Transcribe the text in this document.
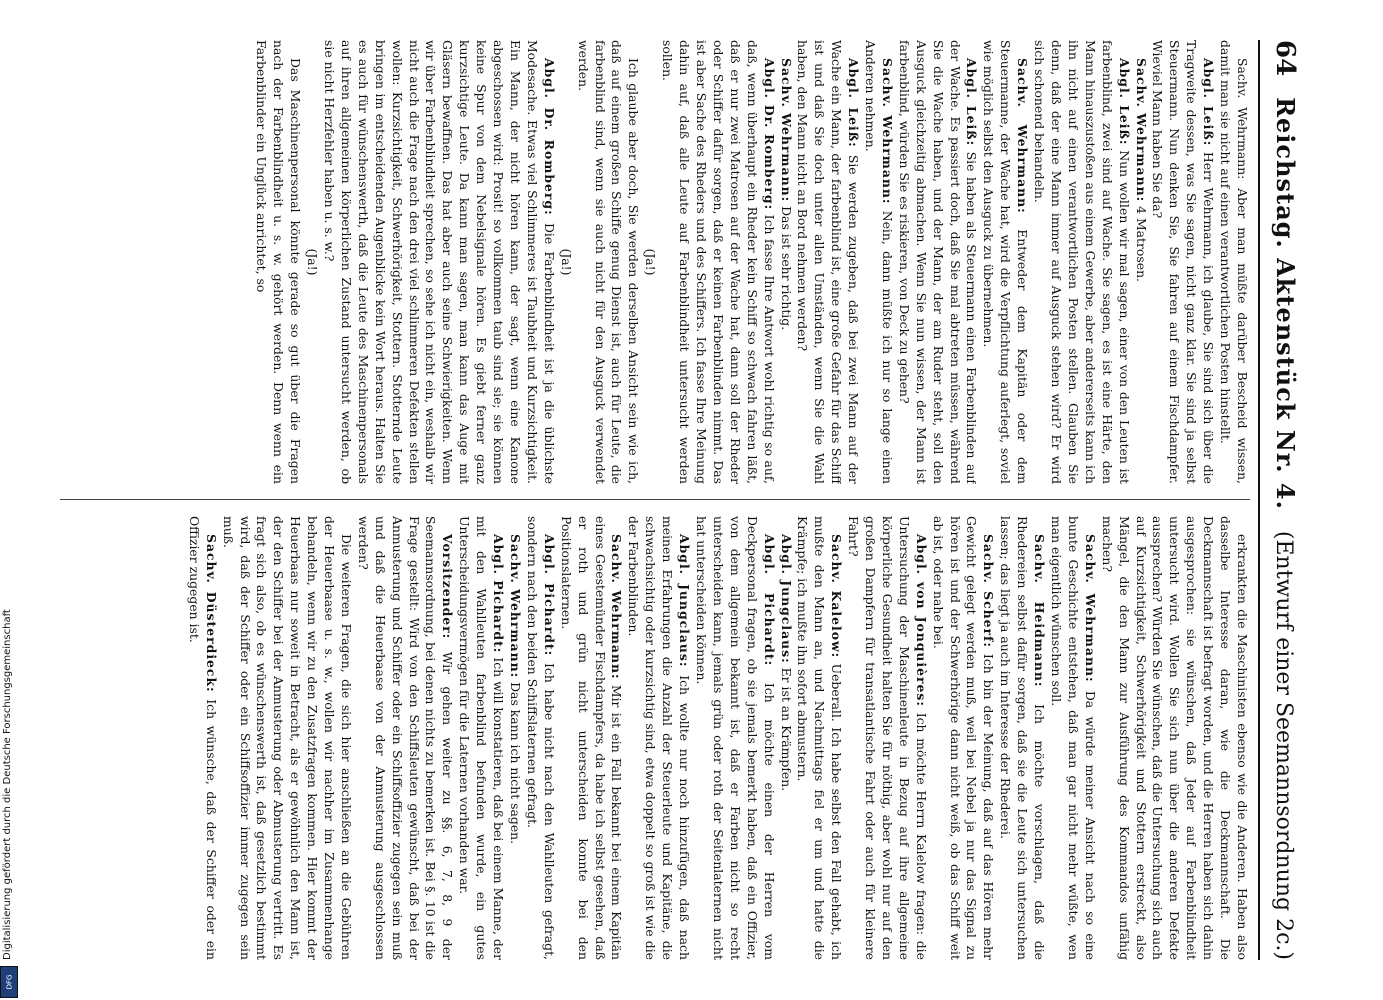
64
Reichstag. Aktenstück Nr. 4.
(Entwurf einer Seemannsordnung 2c.)

Sachv. Wehrmann: Aber man müßte darüber Bescheid wissen, damit man sie nicht auf einen verantwortlichen Posten hinstellt.

Abgl. Leiß: Herr Wehrmann, ich glaube, Sie sind sich über die Tragweite dessen, was Sie sagen, nicht ganz klar. Sie sind ja selbst Steuermann. Nun denken Sie, Sie fahren auf einem Fischdampfer. Wieviel Mann haben Sie da?

Sachv. Wehrmann: 4 Matrosen.

Abgl. Leiß: Nun wollen wir mal sagen, einer von den Leuten ist farbenblind, zwei sind auf Wache. Sie sagen, es ist eine Härte, den Mann hinauszustoßen aus einem Gewerbe, aber andererseits kann ich ihn nicht auf einen verantwortlichen Posten stellen. Glauben Sie denn, daß der eine Mann immer auf Ausguck stehen wird? Er wird sich schonend behandeln.

Sachv. Wehrmann: Entweder dem Kapitän oder dem Steuermanne, der Wache hat, wird die Verpflichtung auferlegt, soviel wie möglich selbst den Ausguck zu übernehmen.

Abgl. Leiß: Sie haben als Steuermann einen Farbenblinden auf der Wache. Es passiert doch, daß Sie mal abtreten müssen, während Sie die Wache haben, und der Mann, der am Ruder steht, soll den Ausguck gleichzeitig abmachen. Wenn Sie nun wissen, der Mann ist farbenblind, würden Sie es riskieren, von Deck zu gehen?

Sachv. Wehrmann: Nein, dann müßte ich nur so lange einen Anderen nehmen.

Abgl. Leiß: Sie werden zugeben, daß bei zwei Mann auf der Wache ein Mann, der farbenblind ist, eine große Gefahr für das Schiff ist und daß Sie doch unter allen Umständen, wenn Sie die Wahl haben, den Mann nicht an Bord nehmen werden?

Sachv. Wehrmann: Das ist sehr richtig.

Abgl. Dr. Romberg: Ich fasse Ihre Antwort wohl richtig so auf, daß, wenn überhaupt ein Rheder kein Schiff so schwach fahren läßt, daß er nur zwei Matrosen auf der Wache hat, dann soll der Rheder oder Schiffer dafür sorgen, daß er keinen Farbenblinden nimmt. Das ist aber Sache des Rheders und des Schiffers. Ich fasse Ihre Meinung dahin auf, daß alle Leute auf Farbenblindheit untersucht werden sollen.

(Ja!)

Ich glaube aber doch, Sie werden derselben Ansicht sein wie ich, daß auf einem großen Schiffe genug Dienst ist, auch für Leute, die farbenblind sind, wenn sie auch nicht für den Ausguck verwendet werden.

(Ja!)

Abgl. Dr. Romberg: Die Farbenblindheit ist ja die üblichste Modesache. Etwas viel Schlimmeres ist Taubheit und Kurzsichtigkeit. Ein Mann, der nicht hören kann, der sagt, wenn eine Kanone abgeschossen wird: Prosit! so vollkommen taub sind sie; sie können keine Spur von dem Nebelsignale hören. Es giebt ferner ganz kurzsichtige Leute. Da kann man sagen, man kann das Auge mit Gläsern bewaffnen. Das hat aber auch seine Schwierigkeiten. Wenn wir über Farbenblindheit sprechen, so sehe ich nicht ein, weshalb wir nicht auch die Frage nach den drei viel schlimmeren Defekten stellen wollen: Kurzsichtigkeit, Schwerhörigkeit, Stottern. Stotternde Leute bringen im entscheidenden Augenblicke kein Wort heraus. Halten Sie es auch für wünschenswerth, daß die Leute des Maschinenpersonals auf ihren allgemeinen körperlichen Zustand untersucht werden, ob sie nicht Herzfehler haben u. s. w.?

(Ja!)

Das Maschinenpersonal könnte gerade so gut über die Fragen nach der Farbenblindheit u. s. w. gehört werden. Denn wenn ein Farbenblinder ein Unglück anrichtet, so

erkrankten die Maschinisten ebenso wie die Anderen. Haben also dasselbe Interesse daran, wie die Deckmannschaft. Die Deckmannschaft ist befragt worden, und die Herren haben sich dahin ausgesprochen: sie wünschen, daß Jeder auf Farbenblindheit untersucht wird. Wollen Sie sich nun über die anderen Defekte aussprechen? Würden Sie wünschen, daß die Untersuchung sich auch auf Kurzsichtigkeit, Schwerhörigkeit und Stottern erstreckt, also Mängel, die den Mann zur Ausführung des Kommandos unfähig machen?

Sachv. Wehrmann: Da würde meiner Ansicht nach so eine bunte Geschichte entstehen, daß man gar nicht mehr wüßte, wen man eigentlich wünschen soll.

Sachv. Heidmann: Ich möchte vorschlagen, daß die Rhedereien selbst dafür sorgen, daß sie die Leute sich untersuchen lassen; das liegt ja auch im Interesse der Rhederei.

Sachv. Scherf: Ich bin der Meinung, daß auf das Hören mehr Gewicht gelegt werden muß, weil bei Nebel ja nur das Signal zu hören ist und der Schwerhörige dann nicht weiß, ob das Schiff weit ab ist, oder nahe bei.

Abgl. von Jonquières: Ich möchte Herrn Kalelow fragen: die Untersuchung der Maschinenleute in Bezug auf ihre allgemeine körperliche Gesundheit halten Sie für nöthig, aber wohl nur auf den großen Dampfern für transatlantische Fahrt oder auch für kleinere Fahrt?

Sachv. Kalelow: Ueberall. Ich habe selbst den Fall gehabt, ich mußte den Mann an, und Nachmittags fiel er um und hatte die Krämpfe; ich mußte ihn sofort abmustern.

Abgl. Jungclaus: Er ist an Krämpfen.

Abgl. Pichardt: Ich möchte einen der Herren vom Deckpersonal fragen, ob sie jemals bemerkt haben, daß ein Offizier, von dem allgemein bekannt ist, daß er Farben nicht so recht unterscheiden kann, jemals grün oder roth der Seitenlaternen nicht hat unterscheiden können.

Abgl. Jungclaus: Ich wollte nur noch hinzufügen, daß nach meinen Erfahrungen die Anzahl der Steuerleute und Kapitäne, die schwachsichtig oder kurzsichtig sind, etwa doppelt so groß ist wie die der Farbenblinden.

Sachv. Wehrmann: Mir ist ein Fall bekannt bei einem Kapitän eines Geestemünder Fischdampfers, da habe ich selbst gesehen, daß er roth und grün nicht unterscheiden konnte bei den Positionslaternen.

Abgl. Pichardt: Ich habe nicht nach den Wahlleuten gefragt, sondern nach den beiden Schiffslaternen gefragt.

Sachv. Wehrmann: Das kann ich nicht sagen.

Abgl. Pichardt: Ich will konstatieren, daß bei einem Manne, der mit den Wahlleuten farbenblind befunden wurde, ein gutes Unterscheidungsvermögen für die Laternen vorhanden war.

Vorsitzender: Wir gehen weiter zu §§. 6, 7, 8, 9 der Seemannsordnung, bei denen nichts zu bemerken ist. Bei §. 10 ist die Frage gestellt: Wird von den Schiffsleuten gewünscht, daß bei der Anmusterung und Schiffer oder ein Schiffsoffizier zugegen sein muß und daß die Heuerbaase von der Anmusterung ausgeschlossen werden?

Die weiteren Fragen, die sich hier anschließen an die Gebühren der Heuerbaase u. s. w., wollen wir nachher im Zusammenhange behandeln, wenn wir zu den Zusatzfragen kommen. Hier kommt der Heuerbaas nur soweit in Betracht, als er gewöhnlich den Mann ist, der den Schiffer bei der Anmusterung oder Abmusterung vertritt. Es fragt sich also, ob es wünschenswerth ist, daß gesetzlich bestimmt wird, daß der Schiffer oder ein Schiffsoffizier immer zugegen sein muß.

Sachv. Düsterdieck: Ich wünsche, daß der Schiffer oder ein Offizier zugegen ist.

Digitalisierung gefördert durch die Deutsche Forschungsgemeinschaft
DFG
